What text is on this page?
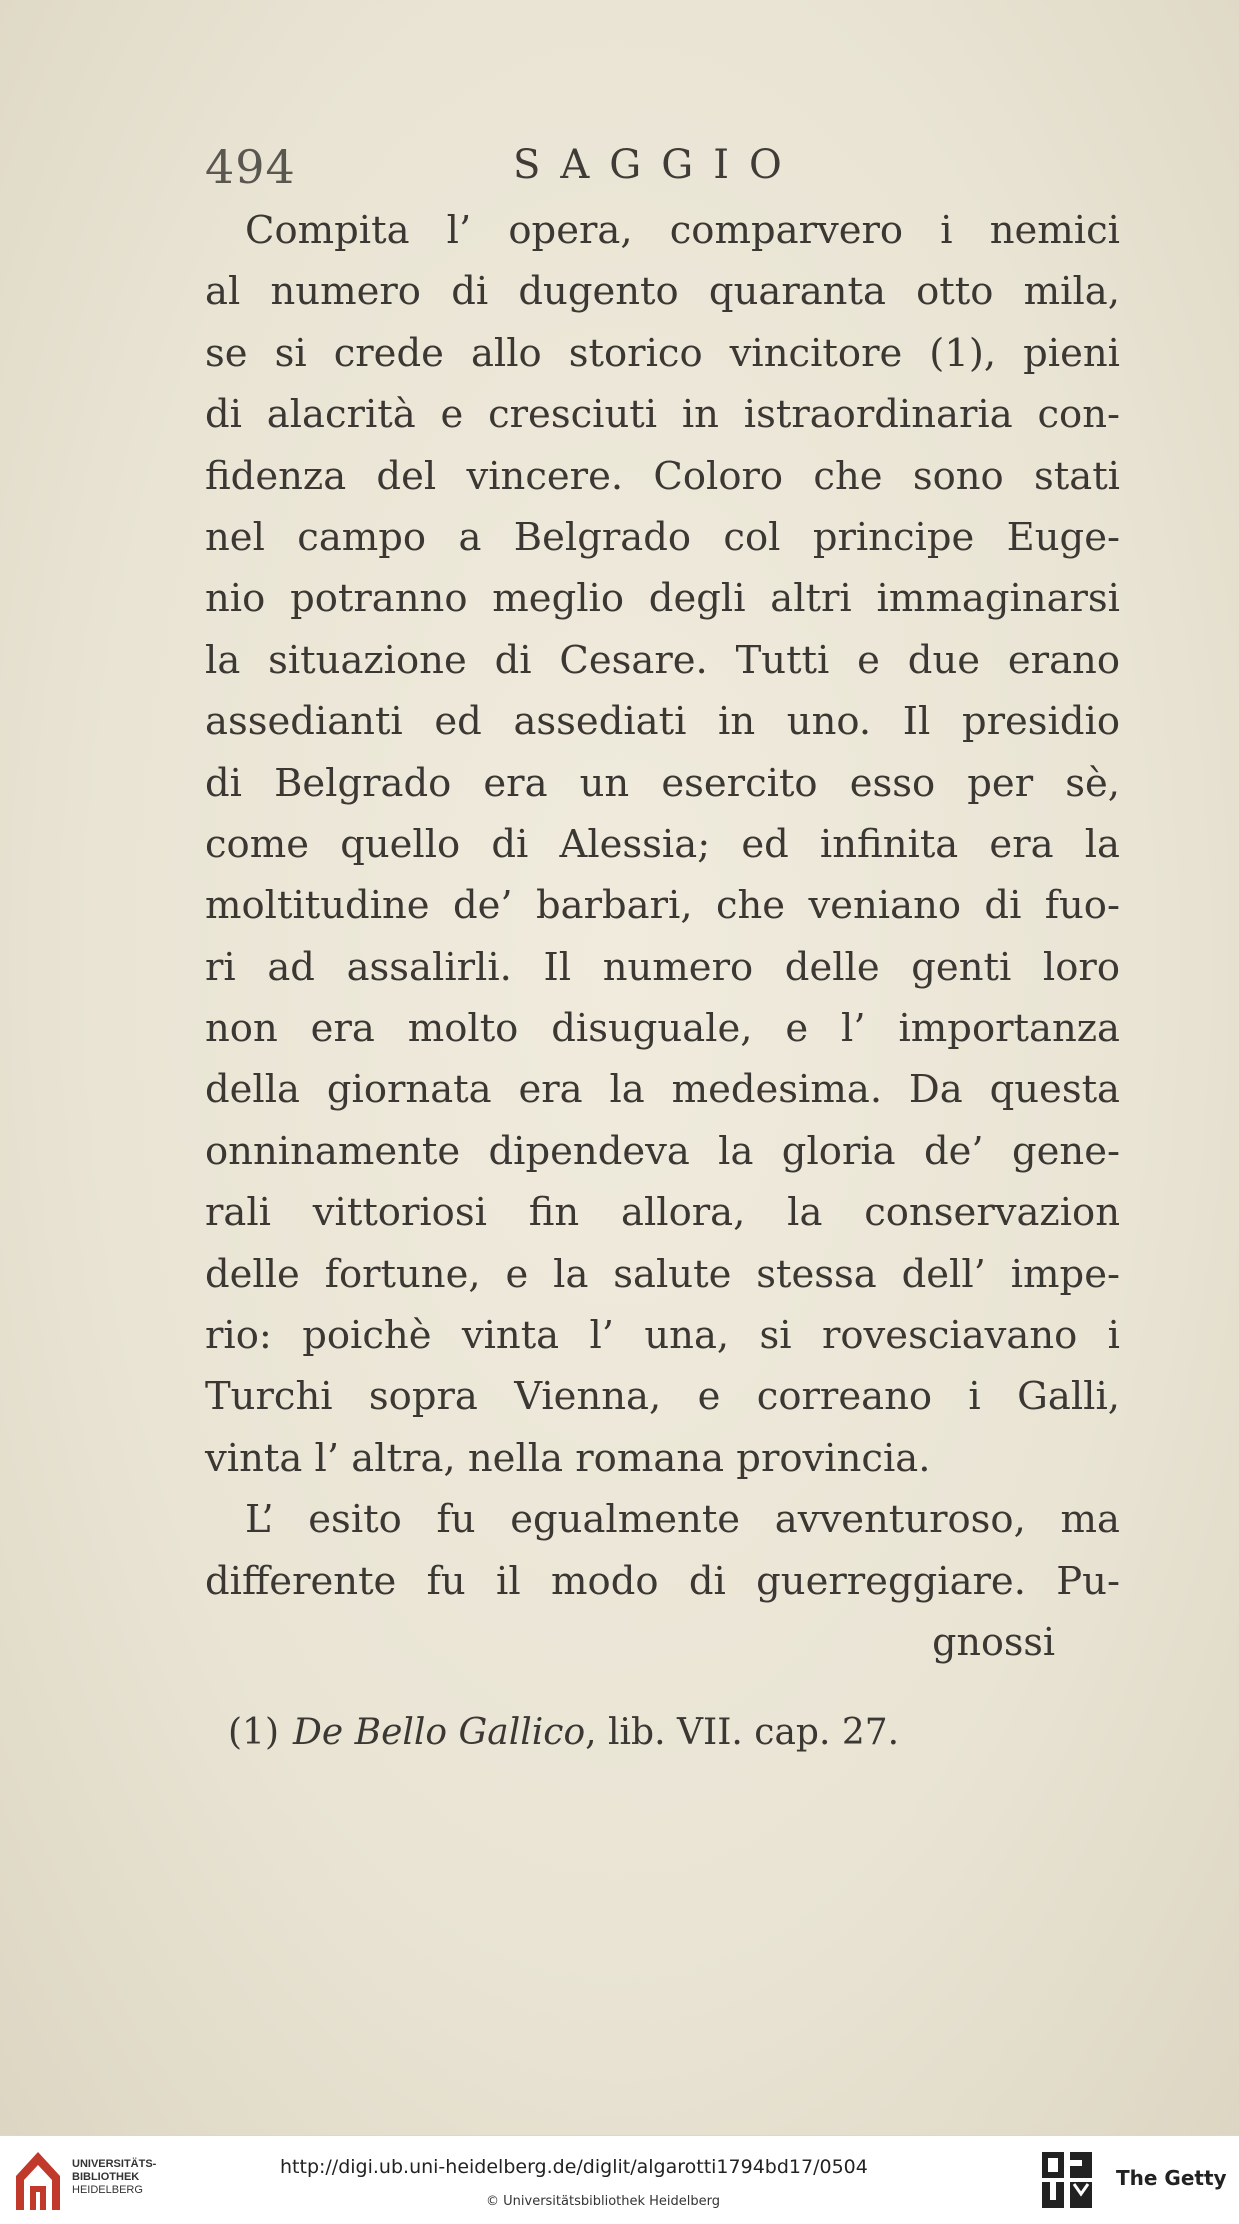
494	SAGGIO
Compita l’ opera, comparvero i nemici
al numero di dugento quaranta otto mila,
se si crede allo storico vincitore (1), pieni
di alacrità e cresciuti in istraordinaria con-
fidenza del vincere. Coloro che sono stati
nel campo a Belgrado col principe Euge-
nio potranno meglio degli altri immaginarsi
la situazione di Cesare. Tutti e due erano
assedianti ed assediati in uno. Il presidio
di Belgrado era un esercito esso per sè,
come quello di Alessia; ed infinita era la
moltitudine de’ barbari, che veniano di fuo-
ri ad assalirli. Il numero delle genti loro
non era molto disuguale, e l’ importanza
della giornata era la medesima. Da questa
onninamente dipendeva la gloria de’ gene-
rali vittoriosi fin allora, la conservazion
delle fortune, e la salute stessa dell’ impe-
rio: poichè vinta l’ una, si rovesciavano i
Turchi sopra Vienna, e correano i Galli,
vinta l’ altra, nella romana provincia.
L’ esito fu egualmente avventuroso, ma
differente fu il modo di guerreggiare. Pu-
gnossi
(1) De Bello Gallico, lib. VII. cap. 27.
UNIVERSITÄTS-
BIBLIOTHEK
HEIDELBERG
http://digi.ub.uni-heidelberg.de/diglit/algarotti1794bd17/0504
© Universitätsbibliothek Heidelberg
The Getty
